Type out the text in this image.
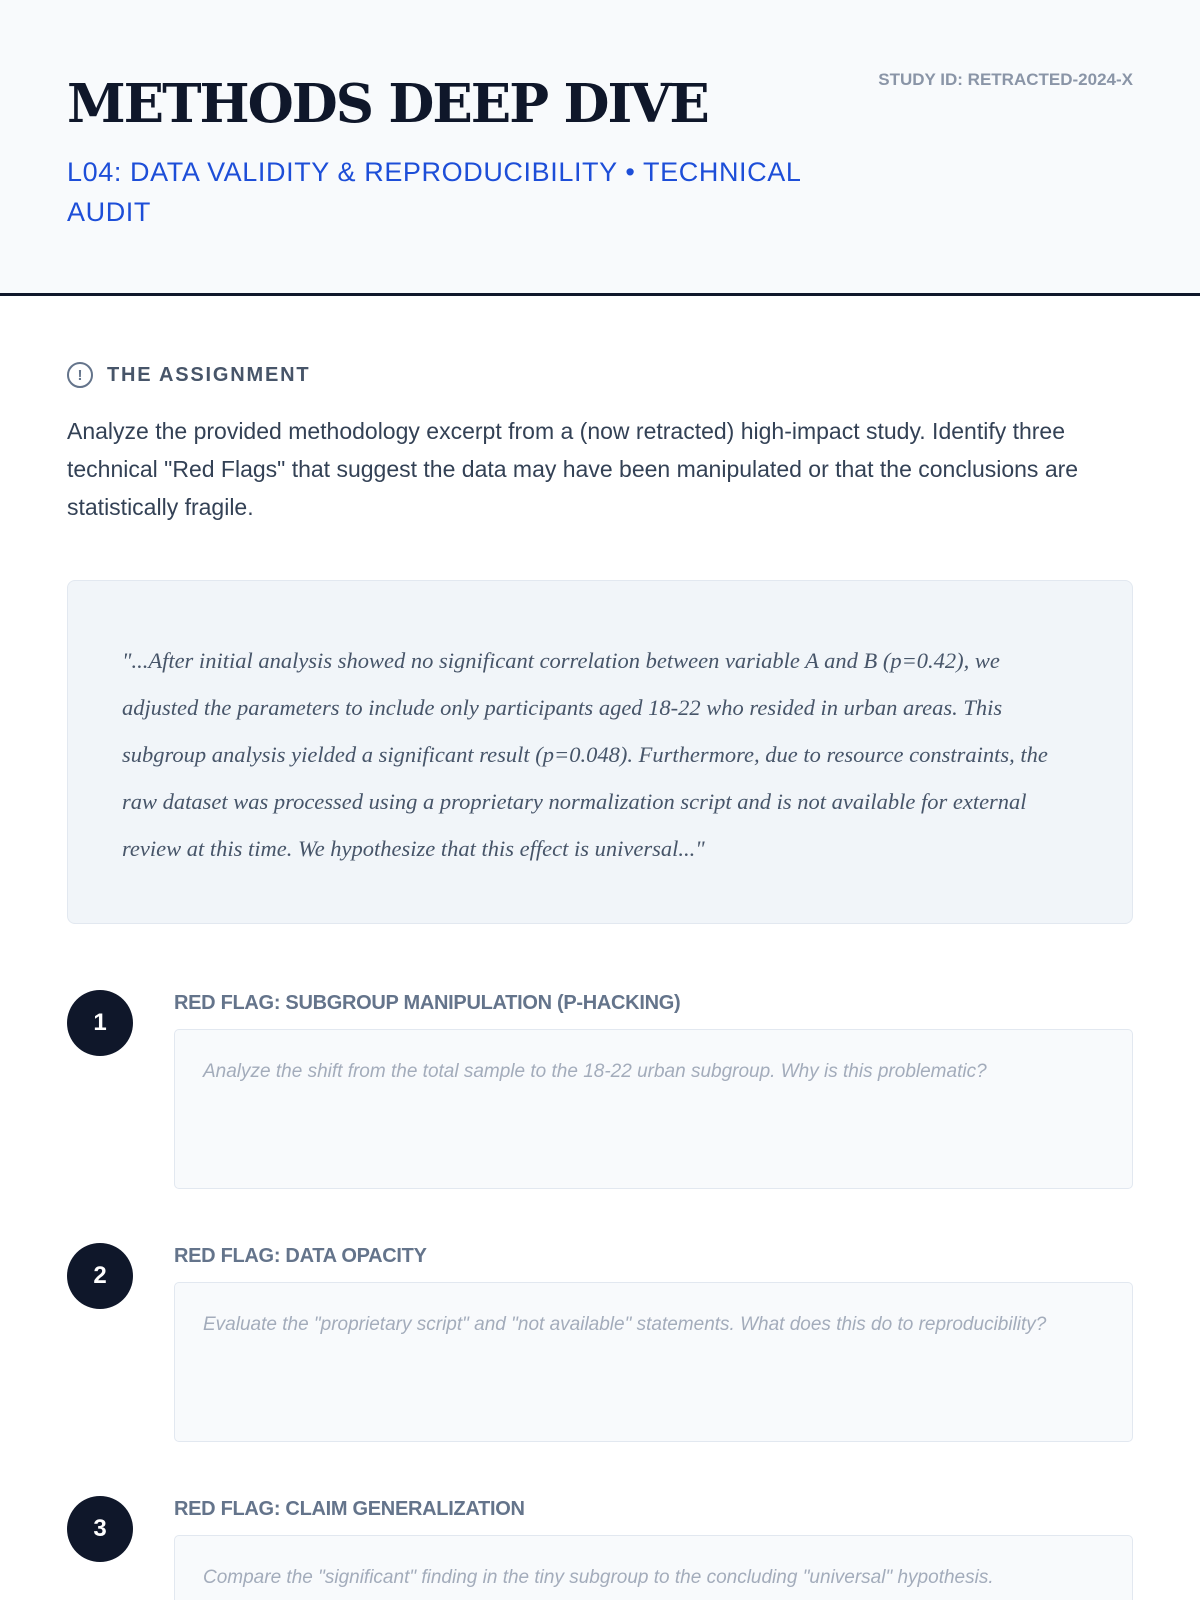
METHODS DEEP DIVE
L04: DATA VALIDITY & REPRODUCIBILITY • TECHNICAL AUDIT
STUDY ID: RETRACTED-2024-X
!	THE ASSIGNMENT

Analyze the provided methodology excerpt from a (now retracted) high-impact study. Identify three technical "Red Flags" that suggest the data may have been manipulated or that the conclusions are statistically fragile.

"...After initial analysis showed no significant correlation between variable A and B (p=0.42), we adjusted the parameters to include only participants aged 18-22 who resided in urban areas. This subgroup analysis yielded a significant result (p=0.048). Furthermore, due to resource constraints, the raw dataset was processed using a proprietary normalization script and is not available for external review at this time. We hypothesize that this effect is universal..."

1
RED FLAG: SUBGROUP MANIPULATION (P-HACKING)
Analyze the shift from the total sample to the 18-22 urban subgroup. Why is this problematic?
2
RED FLAG: DATA OPACITY
Evaluate the "proprietary script" and "not available" statements. What does this do to reproducibility?
3
RED FLAG: CLAIM GENERALIZATION
Compare the "significant" finding in the tiny subgroup to the concluding "universal" hypothesis.
